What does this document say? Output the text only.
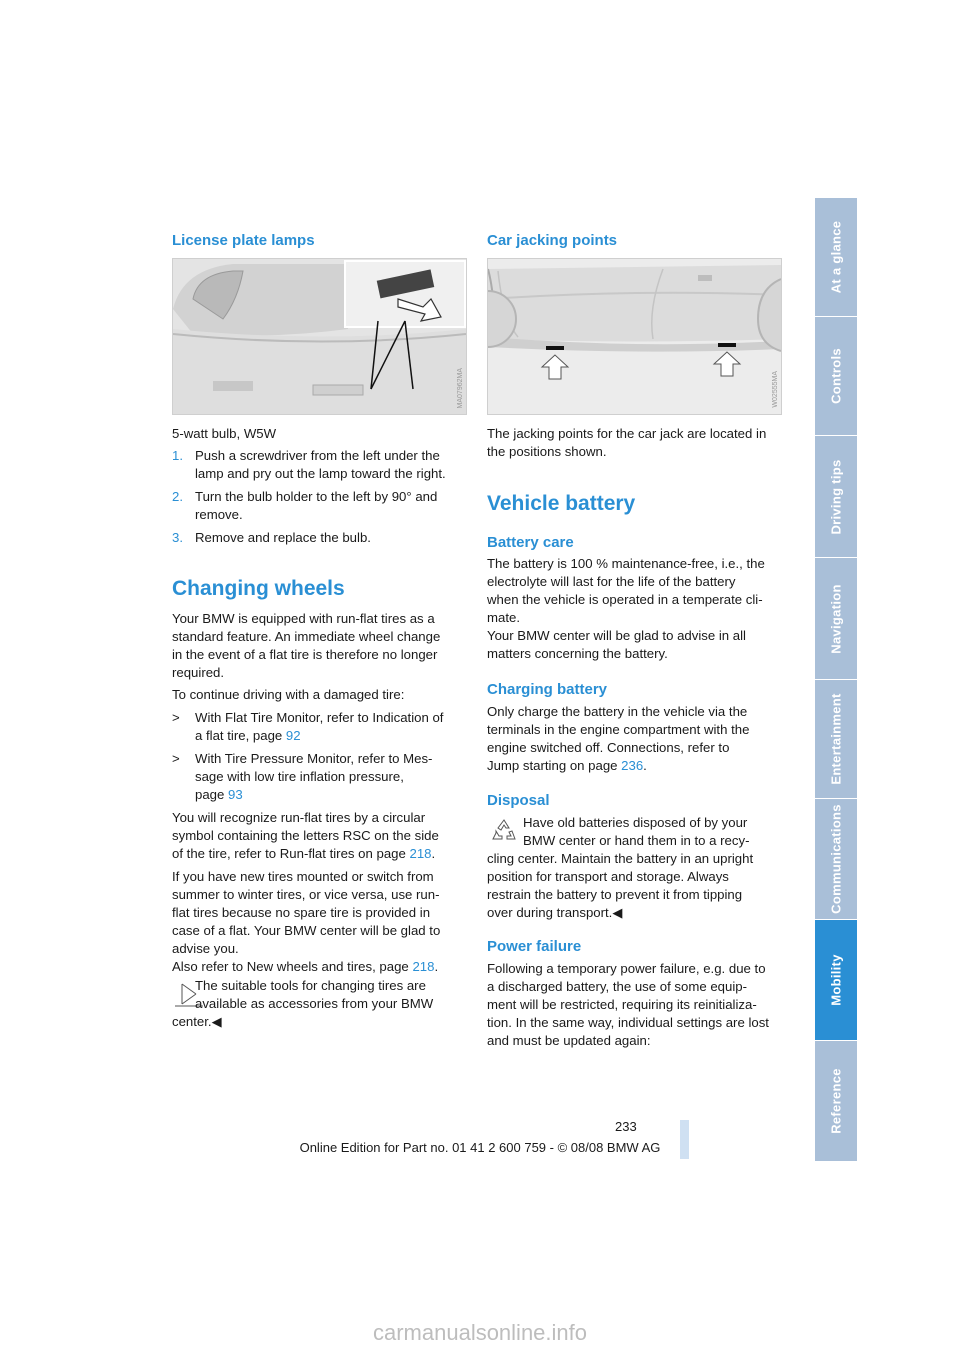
License plate lamps
MA07962MA
5-watt bulb, W5W
1. Push a screwdriver from the left under the
lamp and pry out the lamp toward the right.
2. Turn the bulb holder to the left by 90° and
remove.
3. Remove and replace the bulb.
Changing wheels
Your BMW is equipped with run-flat tires as a
standard feature. An immediate wheel change
in the event of a flat tire is therefore no longer
required.
To continue driving with a damaged tire:
> With Flat Tire Monitor, refer to Indication of
a flat tire, page 92
> With Tire Pressure Monitor, refer to Mes-
sage with low tire inflation pressure,
page 93
You will recognize run-flat tires by a circular
symbol containing the letters RSC on the side
of the tire, refer to Run-flat tires on page 218.
If you have new tires mounted or switch from
summer to winter tires, or vice versa, use run-
flat tires because no spare tire is provided in
case of a flat. Your BMW center will be glad to
advise you.
Also refer to New wheels and tires, page 218.
The suitable tools for changing tires are
available as accessories from your BMW
center.◀
Car jacking points
W02555MA
The jacking points for the car jack are located in
the positions shown.
Vehicle battery
Battery care
The battery is 100 % maintenance-free, i.e., the
electrolyte will last for the life of the battery
when the vehicle is operated in a temperate cli-
mate.
Your BMW center will be glad to advise in all
matters concerning the battery.
Charging battery
Only charge the battery in the vehicle via the
terminals in the engine compartment with the
engine switched off. Connections, refer to
Jump starting on page 236.
Disposal
Have old batteries disposed of by your
BMW center or hand them in to a recy-
cling center. Maintain the battery in an upright
position for transport and storage. Always
restrain the battery to prevent it from tipping
over during transport.◀
Power failure
Following a temporary power failure, e.g. due to
a discharged battery, the use of some equip-
ment will be restricted, requiring its reinitializa-
tion. In the same way, individual settings are lost
and must be updated again:
At a glance
Controls
Driving tips
Navigation
Entertainment
Communications
Mobility
Reference
233
Online Edition for Part no. 01 41 2 600 759 - © 08/08 BMW AG
carmanualsonline.info
